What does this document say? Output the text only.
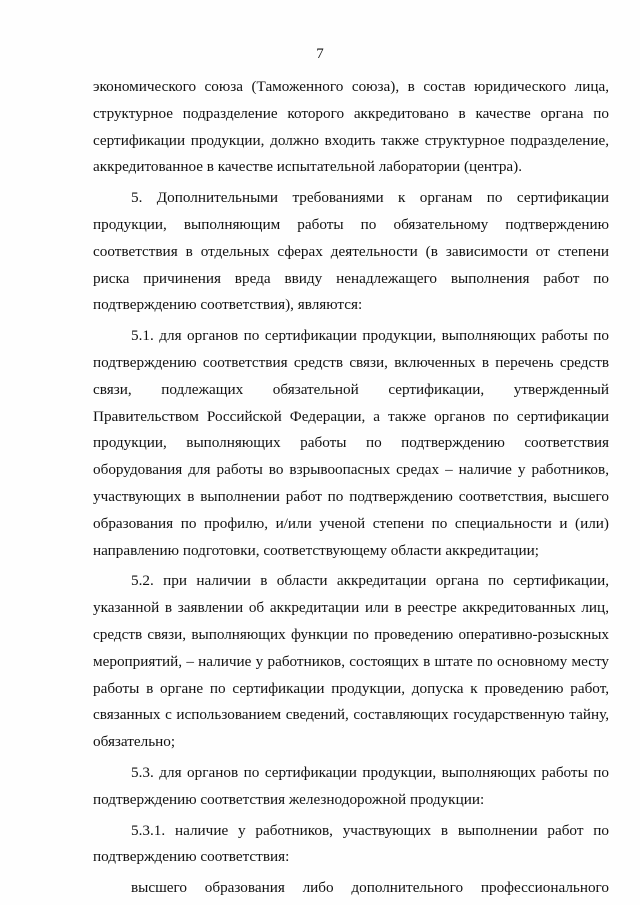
7

экономического союза (Таможенного союза), в состав юридического лица, структурное подразделение которого аккредитовано в качестве органа по сертификации продукции, должно входить также структурное подразделение, аккредитованное в качестве испытательной лаборатории (центра).

5. Дополнительными требованиями к органам по сертификации продукции, выполняющим работы по обязательному подтверждению соответствия в отдельных сферах деятельности (в зависимости от степени риска причинения вреда ввиду ненадлежащего выполнения работ по подтверждению соответствия), являются:

5.1. для органов по сертификации продукции, выполняющих работы по подтверждению соответствия средств связи, включенных в перечень средств связи, подлежащих обязательной сертификации, утвержденный Правительством Российской Федерации, а также органов по сертификации продукции, выполняющих работы по подтверждению соответствия оборудования для работы во взрывоопасных средах – наличие у работников, участвующих в выполнении работ по подтверждению соответствия, высшего образования по профилю, и/или ученой степени по специальности и (или) направлению подготовки, соответствующему области аккредитации;

5.2. при наличии в области аккредитации органа по сертификации, указанной в заявлении об аккредитации или в реестре аккредитованных лиц, средств связи, выполняющих функции по проведению оперативно-розыскных мероприятий, – наличие у работников, состоящих в штате по основному месту работы в органе по сертификации продукции, допуска к проведению работ, связанных с использованием сведений, составляющих государственную тайну, обязательно;

5.3. для органов по сертификации продукции, выполняющих работы по подтверждению соответствия железнодорожной продукции:

5.3.1. наличие у работников, участвующих в выполнении работ по подтверждению соответствия:

высшего образования либо дополнительного профессионального
